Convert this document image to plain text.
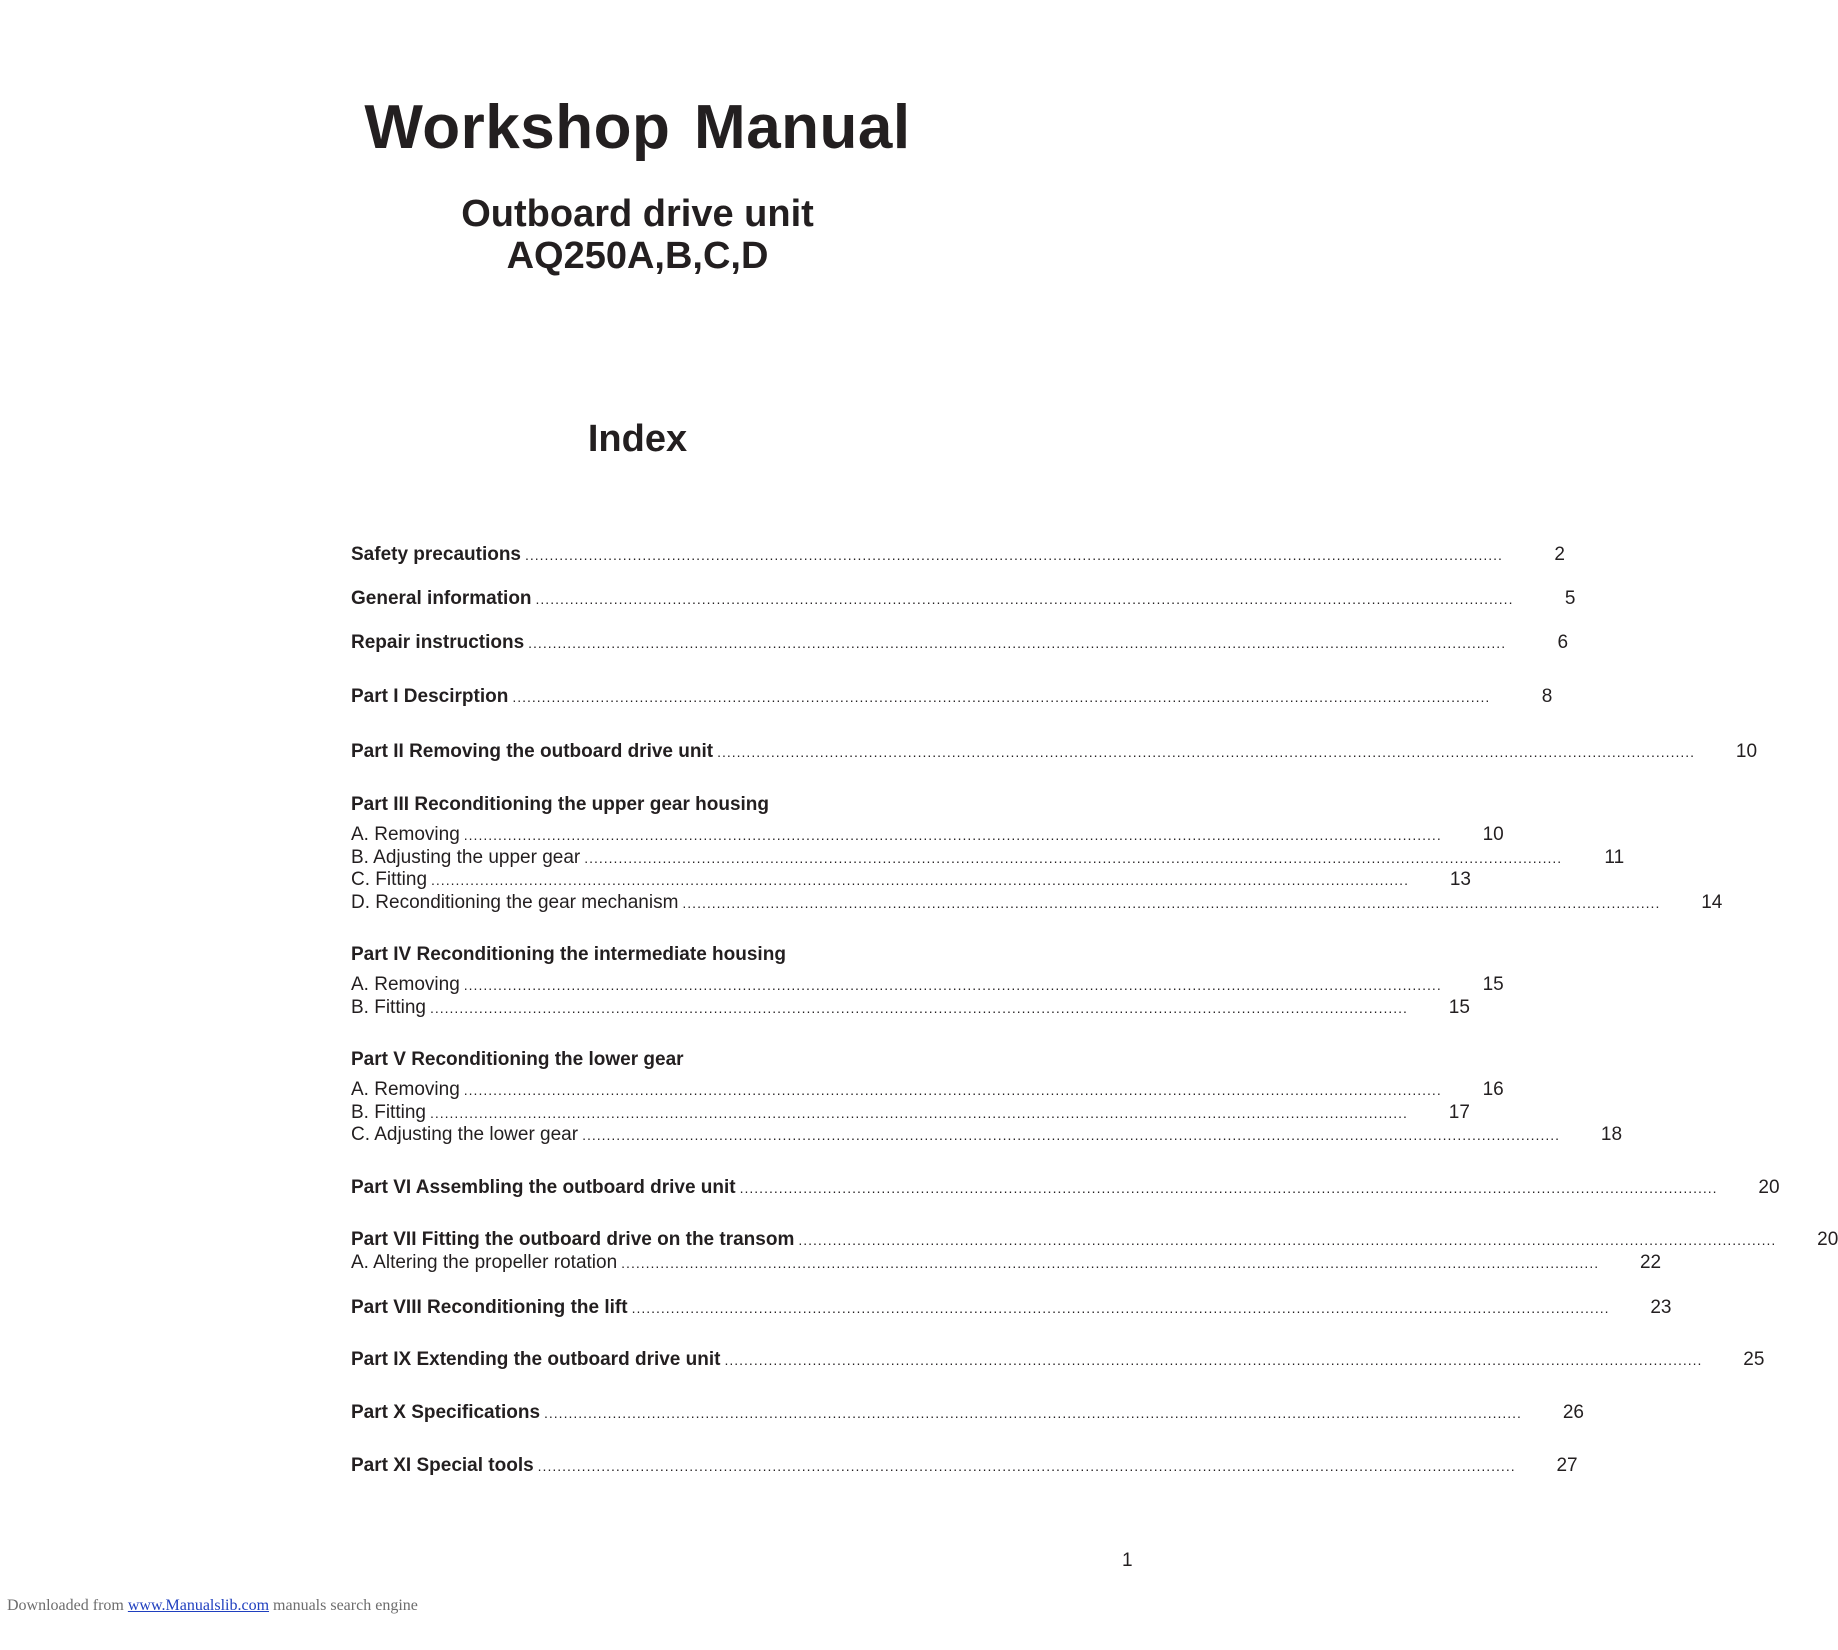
Workshop Manual
Outboard drive unit
AQ250A,B,C,D
Index
Safety precautions ........................................................................................................................................................................................................	2
General information ........................................................................................................................................................................................................	5
Repair instructions ........................................................................................................................................................................................................	6
Part I Descirption ........................................................................................................................................................................................................	8
Part II Removing the outboard drive unit ........................................................................................................................................................................................................	10
Part III Reconditioning the upper gear housing
A. Removing ........................................................................................................................................................................................................	10
B. Adjusting the upper gear ........................................................................................................................................................................................................	11
C. Fitting ........................................................................................................................................................................................................	13
D. Reconditioning the gear mechanism ........................................................................................................................................................................................................	14
Part IV Reconditioning the intermediate housing
A. Removing ........................................................................................................................................................................................................	15
B. Fitting ........................................................................................................................................................................................................	15
Part V Reconditioning the lower gear
A. Removing ........................................................................................................................................................................................................	16
B. Fitting ........................................................................................................................................................................................................	17
C. Adjusting the lower gear ........................................................................................................................................................................................................	18
Part VI Assembling the outboard drive unit ........................................................................................................................................................................................................	20
Part VII Fitting the outboard drive on the transom ........................................................................................................................................................................................................	20
A. Altering the propeller rotation ........................................................................................................................................................................................................	22
Part VIII Reconditioning the lift ........................................................................................................................................................................................................	23
Part IX Extending the outboard drive unit ........................................................................................................................................................................................................	25
Part X Specifications ........................................................................................................................................................................................................	26
Part XI Special tools ........................................................................................................................................................................................................	27
1
Downloaded from www.Manualslib.com manuals search engine
